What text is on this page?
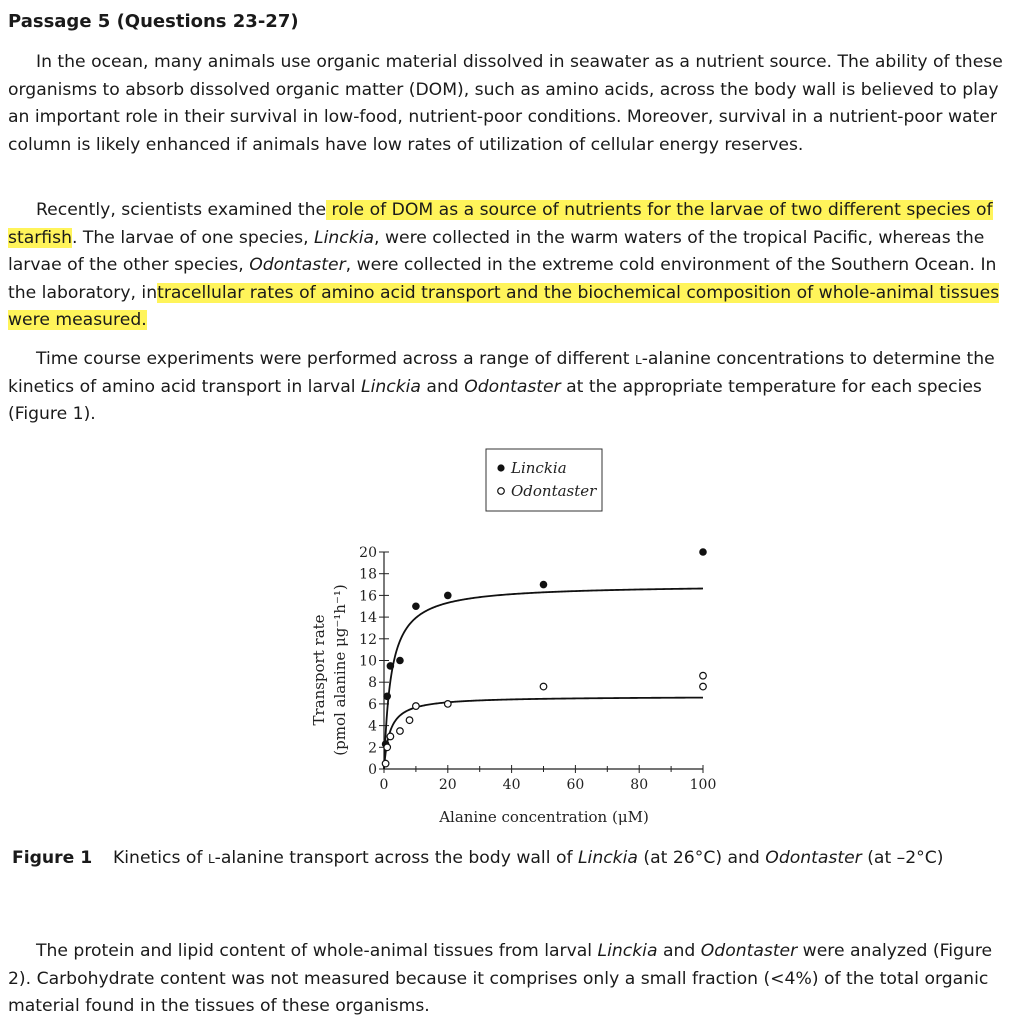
Passage 5 (Questions 23-27)

In the ocean, many animals use organic material dissolved in seawater as a nutrient source. The ability of these organisms to absorb dissolved organic matter (DOM), such as amino acids, across the body wall is believed to play an important role in their survival in low-food, nutrient-poor conditions. Moreover, survival in a nutrient-poor water column is likely enhanced if animals have low rates of utilization of cellular energy reserves.

Recently, scientists examined the role of DOM as a source of nutrients for the larvae of two different species of starfish. The larvae of one species, Linckia, were collected in the warm waters of the tropical Pacific, whereas the larvae of the other species, Odontaster, were collected in the extreme cold environment of the Southern Ocean. In the laboratory, intracellular rates of amino acid transport and the biochemical composition of whole-animal tissues were measured.

Time course experiments were performed across a range of different l-alanine concentrations to determine the kinetics of amino acid transport in larval Linckia and Odontaster at the appropriate temperature for each species (Figure 1).

Linckia
Odontaster
0	20	40	60	80	100
0
2
4
6
8
10
12
14
16
18
20
Alanine concentration (μM)
Transport rate (pmol alanine μg⁻¹h⁻¹)
Figure 1 Kinetics of l-alanine transport across the body wall of Linckia (at 26°C) and Odontaster (at –2°C)

The protein and lipid content of whole-animal tissues from larval Linckia and Odontaster were analyzed (Figure 2). Carbohydrate content was not measured because it comprises only a small fraction (<4%) of the total organic material found in the tissues of these organisms.
